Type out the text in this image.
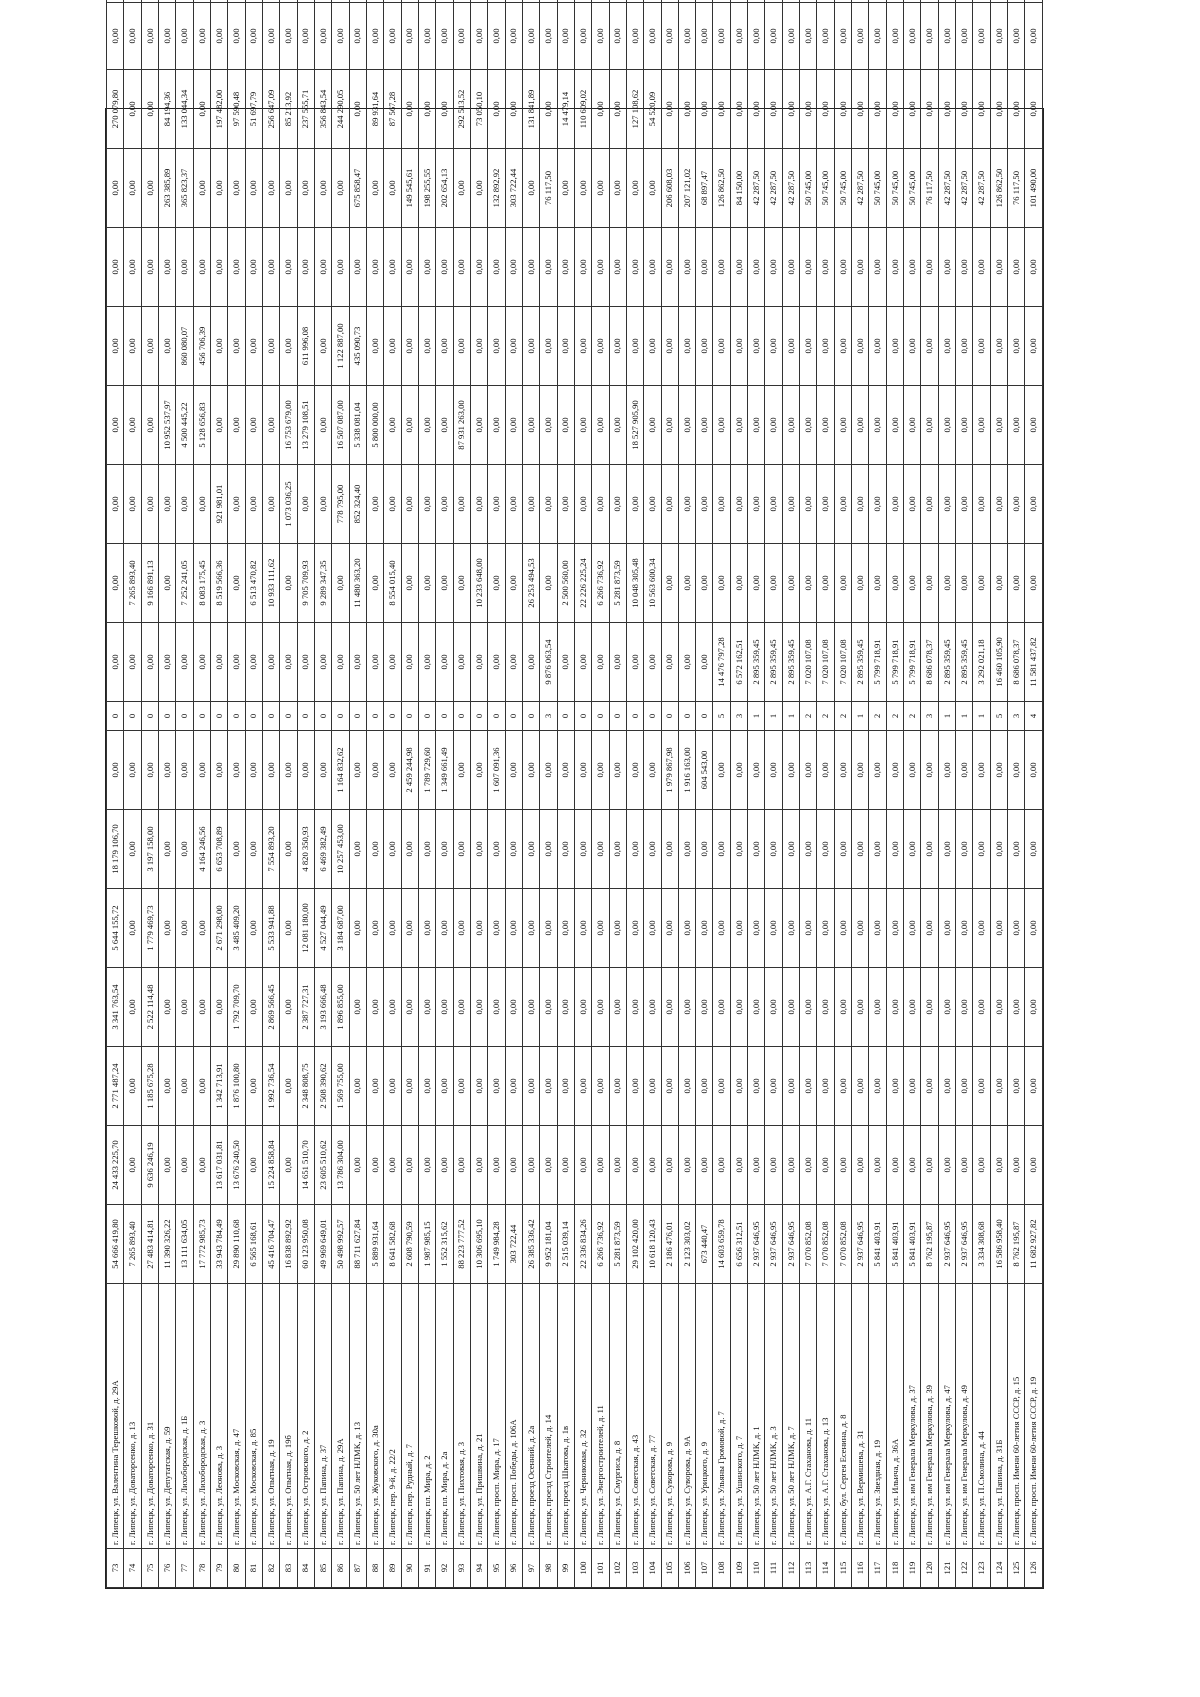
73	г. Липецк, ул. Валентина Терешковой, д. 29А	54 666 419,80	24 433 225,70	2 771 487,24	3 341 763,54	5 644 155,72	18 179 106,70	0,00	0	0,00	0,00	0,00	0,00	0,00	0,00	0,00	270 079,80	0,00	
74	г. Липецк, ул. Доваторсенко, д. 13	7 265 893,40	0,00	0,00	0,00	0,00	0,00	0,00	0	0,00	7 265 893,40	0,00	0,00	0,00	0,00	0,00	0,00	0,00	
75	г. Липецк, ул. Доваторсенко, д. 31	27 483 414,81	9 636 246,19	1 185 675,28	2 522 114,48	1 779 469,73	3 197 158,00	0,00	0	0,00	9 166 891,13	0,00	0,00	0,00	0,00	0,00	0,00	0,00	
76	г. Липецк, ул. Депутатская, д. 59	11 390 326,22	0,00	0,00	0,00	0,00	0,00	0,00	0	0,00	0,00	0,00	10 952 537,97	0,00	0,00	263 385,89	84 194,36	0,00	
77	г. Липецк, ул. Лихобородская, д. 1Б	13 111 634,05	0,00	0,00	0,00	0,00	0,00	0,00	0	0,00	7 252 241,05	0,00	4 500 445,22	860 080,07	0,00	365 823,37	133 044,34	0,00	
78	г. Липецк, ул. Лихобородская, д. 3	17 772 985,73	0,00	0,00	0,00	0,00	4 164 246,56	0,00	0	0,00	8 083 175,45	0,00	5 128 656,83	456 706,39	0,00	0,00	0,00	0,00	
79	г. Липецк, ул. Леонова, д. 3	33 943 784,49	13 617 031,81	1 342 713,91	0,00	2 671 298,00	6 653 708,89	0,00	0	0,00	8 519 566,36	921 981,01	0,00	0,00	0,00	0,00	197 482,00	0,00	
80	г. Липецк, ул. Московская, д. 47	29 890 110,68	13 676 240,50	1 876 100,80	1 792 709,70	3 485 409,20	0,00	0,00	0	0,00	0,00	0,00	0,00	0,00	0,00	0,00	97 590,48	0,00	
81	г. Липецк, ул. Московская, д. 85	6 565 168,61	0,00	0,00	0,00	0,00	0,00	0,00	0	0,00	6 513 470,82	0,00	0,00	0,00	0,00	0,00	51 697,79	0,00	
82	г. Липецк, ул. Опытная, д. 19	45 416 704,47	15 224 858,84	1 992 736,54	2 869 566,45	5 533 941,88	7 554 893,20	0,00	0	0,00	10 933 111,62	0,00	0,00	0,00	0,00	0,00	256 647,09	0,00	
83	г. Липецк, ул. Опытная, д. 19б	16 838 892,92	0,00	0,00	0,00	0,00	0,00	0,00	0	0,00	0,00	1 073 036,25	16 753 679,00	0,00	0,00	0,00	85 213,92	0,00	
84	г. Липецк, ул. Островского, д. 2	60 123 950,08	14 651 510,70	2 348 808,75	2 387 727,31	12 081 180,00	4 820 350,93	0,00	0	0,00	9 705 709,93	0,00	13 279 108,51	611 996,08	0,00	0,00	237 555,71	0,00	
85	г. Липецк, ул. Папина, д. 37	49 969 649,01	23 605 510,62	2 508 390,62	3 193 666,48	4 527 044,49	6 469 382,49	0,00	0	0,00	9 289 347,35	0,00	0,00	0,00	0,00	0,00	356 843,54	0,00	
86	г. Липецк, ул. Папина, д. 29А	50 498 992,57	13 786 304,00	1 569 755,00	1 896 855,00	3 184 687,00	10 257 453,00	1 164 832,62	0	0,00	0,00	778 795,00	16 507 087,00	1 122 887,00	0,00	0,00	244 290,05	0,00	
87	г. Липецк, ул. 50 лет НЛМК, д. 13	88 711 627,84	0,00	0,00	0,00	0,00	0,00	0,00	0	0,00	11 480 363,20	852 324,40	5 338 081,04	435 090,73	0,00	675 858,47	0,00	0,00	
88	г. Липецк, ул. Жуковского, д. 30а	5 889 931,64	0,00	0,00	0,00	0,00	0,00	0,00	0	0,00	0,00	0,00	5 800 000,00	0,00	0,00	0,00	89 931,64	0,00	
89	г. Липецк, пер. 9-й, д. 22/2	8 641 582,68	0,00	0,00	0,00	0,00	0,00	0,00	0	0,00	8 554 015,40	0,00	0,00	0,00	0,00	0,00	87 567,28	0,00	
90	г. Липецк, пер. Рудный, д. 7	2 608 790,59	0,00	0,00	0,00	0,00	0,00	2 459 244,98	0	0,00	0,00	0,00	0,00	0,00	0,00	149 545,61	0,00	0,00	
91	г. Липецк, пл. Мира, д. 2	1 987 985,15	0,00	0,00	0,00	0,00	0,00	1 789 729,60	0	0,00	0,00	0,00	0,00	0,00	0,00	198 255,55	0,00	0,00	
92	г. Липецк, пл. Мира, д. 2а	1 552 315,62	0,00	0,00	0,00	0,00	0,00	1 349 661,49	0	0,00	0,00	0,00	0,00	0,00	0,00	202 654,13	0,00	0,00	
93	г. Липецк, ул. Пихтовая, д. 3	88 223 777,52	0,00	0,00	0,00	0,00	0,00	0,00	0	0,00	0,00	0,00	87 931 263,00	0,00	0,00	0,00	292 513,52	0,00	
94	г. Липецк, ул. Пришвина, д. 21	10 306 695,10	0,00	0,00	0,00	0,00	0,00	0,00	0	0,00	10 233 648,00	0,00	0,00	0,00	0,00	0,00	73 050,10	0,00	
95	г. Липецк, просп. Мира, д. 17	1 749 984,28	0,00	0,00	0,00	0,00	0,00	1 607 091,36	0	0,00	0,00	0,00	0,00	0,00	0,00	132 892,92	0,00	0,00	
96	г. Липецк, просп. Победы, д. 106А	303 722,44	0,00	0,00	0,00	0,00	0,00	0,00	0	0,00	0,00	0,00	0,00	0,00	0,00	303 722,44	0,00	0,00	
97	г. Липецк, проезд Осенний, д. 2а	26 385 336,42	0,00	0,00	0,00	0,00	0,00	0,00	0	0,00	26 253 494,53	0,00	0,00	0,00	0,00	0,00	131 841,89	0,00	
98	г. Липецк, проезд Строителей, д. 14	9 952 181,04	0,00	0,00	0,00	0,00	0,00	0,00	3	9 876 063,54	0,00	0,00	0,00	0,00	0,00	76 117,50	0,00	0,00	
99	г. Липецк, проезд Шкатова, д. 1в	2 515 039,14	0,00	0,00	0,00	0,00	0,00	0,00	0	0,00	2 500 560,00	0,00	0,00	0,00	0,00	0,00	14 479,14	0,00	
100	г. Липецк, ул. Черниковая, д. 32	22 336 834,26	0,00	0,00	0,00	0,00	0,00	0,00	0	0,00	22 226 225,24	0,00	0,00	0,00	0,00	0,00	110 609,02	0,00	
101	г. Липецк, ул. Энергостроителей, д. 11	6 266 736,92	0,00	0,00	0,00	0,00	0,00	0,00	0	0,00	6 266 736,92	0,00	0,00	0,00	0,00	0,00	0,00	0,00	
102	г. Липецк, ул. Смургиса, д. 8	5 281 873,59	0,00	0,00	0,00	0,00	0,00	0,00	0	0,00	5 281 873,59	0,00	0,00	0,00	0,00	0,00	0,00	0,00	
103	г. Липецк, ул. Советская, д. 43	29 102 420,00	0,00	0,00	0,00	0,00	0,00	0,00	0	0,00	10 048 305,48	0,00	18 527 905,90	0,00	0,00	0,00	127 108,62	0,00	
104	г. Липецк, ул. Советская, д. 77	10 618 120,43	0,00	0,00	0,00	0,00	0,00	0,00	0	0,00	10 563 600,34	0,00	0,00	0,00	0,00	0,00	54 520,09	0,00	
105	г. Липецк, ул. Суворова, д. 9	2 186 476,01	0,00	0,00	0,00	0,00	0,00	1 979 867,98	0	0,00	0,00	0,00	0,00	0,00	0,00	206 608,03	0,00	0,00	
106	г. Липецк, ул. Суворова, д. 9А	2 123 303,02	0,00	0,00	0,00	0,00	0,00	1 916 163,00	0	0,00	0,00	0,00	0,00	0,00	0,00	207 121,02	0,00	0,00	
107	г. Липецк, ул. Урицкого, д. 9	673 440,47	0,00	0,00	0,00	0,00	0,00	604 543,00	0	0,00	0,00	0,00	0,00	0,00	0,00	68 897,47	0,00	0,00	
108	г. Липецк, ул. Ульяны Громовой, д. 7	14 603 659,78	0,00	0,00	0,00	0,00	0,00	0,00	5	14 476 797,28	0,00	0,00	0,00	0,00	0,00	126 862,50	0,00	0,00	
109	г. Липецк, ул. Ушинского, д. 7	6 656 312,51	0,00	0,00	0,00	0,00	0,00	0,00	3	6 572 162,51	0,00	0,00	0,00	0,00	0,00	84 150,00	0,00	0,00	
110	г. Липецк, ул. 50 лет НЛМК, д. 1	2 937 646,95	0,00	0,00	0,00	0,00	0,00	0,00	1	2 895 359,45	0,00	0,00	0,00	0,00	0,00	42 287,50	0,00	0,00	
111	г. Липецк, ул. 50 лет НЛМК, д. 3	2 937 646,95	0,00	0,00	0,00	0,00	0,00	0,00	1	2 895 359,45	0,00	0,00	0,00	0,00	0,00	42 287,50	0,00	0,00	
112	г. Липецк, ул. 50 лет НЛМК, д. 7	2 937 646,95	0,00	0,00	0,00	0,00	0,00	0,00	1	2 895 359,45	0,00	0,00	0,00	0,00	0,00	42 287,50	0,00	0,00	
113	г. Липецк, ул. А.Г. Стаханова, д. 11	7 070 852,08	0,00	0,00	0,00	0,00	0,00	0,00	2	7 020 107,08	0,00	0,00	0,00	0,00	0,00	50 745,00	0,00	0,00	
114	г. Липецк, ул. А.Г. Стаханова, д. 13	7 070 852,08	0,00	0,00	0,00	0,00	0,00	0,00	2	7 020 107,08	0,00	0,00	0,00	0,00	0,00	50 745,00	0,00	0,00	
115	г. Липецк, бул. Сергея Есенина, д. 8	7 070 852,08	0,00	0,00	0,00	0,00	0,00	0,00	2	7 020 107,08	0,00	0,00	0,00	0,00	0,00	50 745,00	0,00	0,00	
116	г. Липецк, ул. Вермишева, д. 31	2 937 646,95	0,00	0,00	0,00	0,00	0,00	0,00	1	2 895 359,45	0,00	0,00	0,00	0,00	0,00	42 287,50	0,00	0,00	
117	г. Липецк, ул. Звездная, д. 19	5 841 403,91	0,00	0,00	0,00	0,00	0,00	0,00	2	5 799 718,91	0,00	0,00	0,00	0,00	0,00	50 745,00	0,00	0,00	
118	г. Липецк, ул. Ильича, д. 36А	5 841 403,91	0,00	0,00	0,00	0,00	0,00	0,00	2	5 799 718,91	0,00	0,00	0,00	0,00	0,00	50 745,00	0,00	0,00	
119	г. Липецк, ул. им Генерала Меркулова, д. 37	5 841 403,91	0,00	0,00	0,00	0,00	0,00	0,00	2	5 799 718,91	0,00	0,00	0,00	0,00	0,00	50 745,00	0,00	0,00	
120	г. Липецк, ул. им Генерала Меркулова, д. 39	8 762 195,87	0,00	0,00	0,00	0,00	0,00	0,00	3	8 686 078,37	0,00	0,00	0,00	0,00	0,00	76 117,50	0,00	0,00	
121	г. Липецк, ул. им Генерала Меркулова, д. 47	2 937 646,95	0,00	0,00	0,00	0,00	0,00	0,00	1	2 895 359,45	0,00	0,00	0,00	0,00	0,00	42 287,50	0,00	0,00	
122	г. Липецк, ул. им Генерала Меркулова, д. 49	2 937 646,95	0,00	0,00	0,00	0,00	0,00	0,00	1	2 895 359,45	0,00	0,00	0,00	0,00	0,00	42 287,50	0,00	0,00	
123	г. Липецк, ул. П.Смолина, д. 44	3 334 308,68	0,00	0,00	0,00	0,00	0,00	0,00	1	3 292 021,18	0,00	0,00	0,00	0,00	0,00	42 287,50	0,00	0,00	
124	г. Липецк, ул. Папина, д. 31Б	16 586 958,40	0,00	0,00	0,00	0,00	0,00	0,00	5	16 460 105,90	0,00	0,00	0,00	0,00	0,00	126 862,50	0,00	0,00	
125	г. Липецк, просп. Имени 60-летия СССР, д. 15	8 762 195,87	0,00	0,00	0,00	0,00	0,00	0,00	3	8 686 078,37	0,00	0,00	0,00	0,00	0,00	76 117,50	0,00	0,00	
126	г. Липецк, просп. Имени 60-летия СССР, д. 19	11 682 927,82	0,00	0,00	0,00	0,00	0,00	0,00	4	11 581 437,82	0,00	0,00	0,00	0,00	0,00	101 490,00	0,00	0,00	
